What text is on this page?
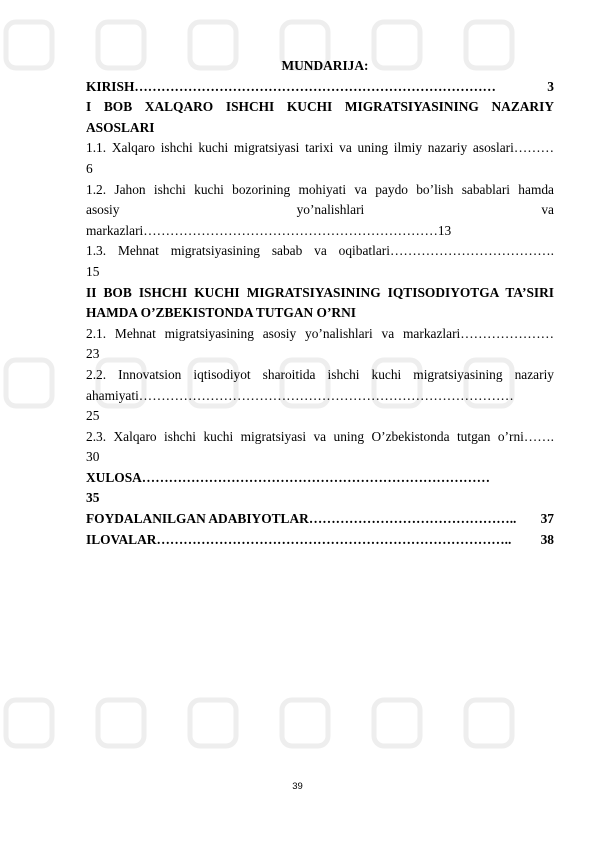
MUNDARIJA:
KIRISH ………………………………………………………………………	3
I BOB XALQARO ISHCHI KUCHI MIGRATSIYASINING NAZARIY
ASOSLARI
1.1. Xalqaro ishchi kuchi migratsiyasi tarixi va uning ilmiy nazariy asoslari………
6
1.2. Jahon ishchi kuchi bozorining mohiyati va paydo bo’lish sabablari hamda
asosiy	yo’nalishlari	va
markazlari…………………………………………………………13
1.3. Mehnat migratsiyasining sabab va oqibatlari……………………………….
15
II BOB ISHCHI KUCHI MIGRATSIYASINING IQTISODIYOTGA TA’SIRI
HAMDA O’ZBEKISTONDA TUTGAN O’RNI
2.1. Mehnat migratsiyasining asosiy yo’nalishlari va markazlari…………………
23
2.2. Innovatsion iqtisodiyot sharoitida ishchi kuchi migratsiyasining nazariy
ahamiyati…………………………………………………………………………
25
2.3. Xalqaro ishchi kuchi migratsiyasi va uning O’zbekistonda tutgan o’rni…….
30
XULOSA……………………………………………………………………
35
FOYDALANILGAN ADABIYOTLAR ………………………………………..	37
ILOVALAR ……………………………………………………………………..	38
39
